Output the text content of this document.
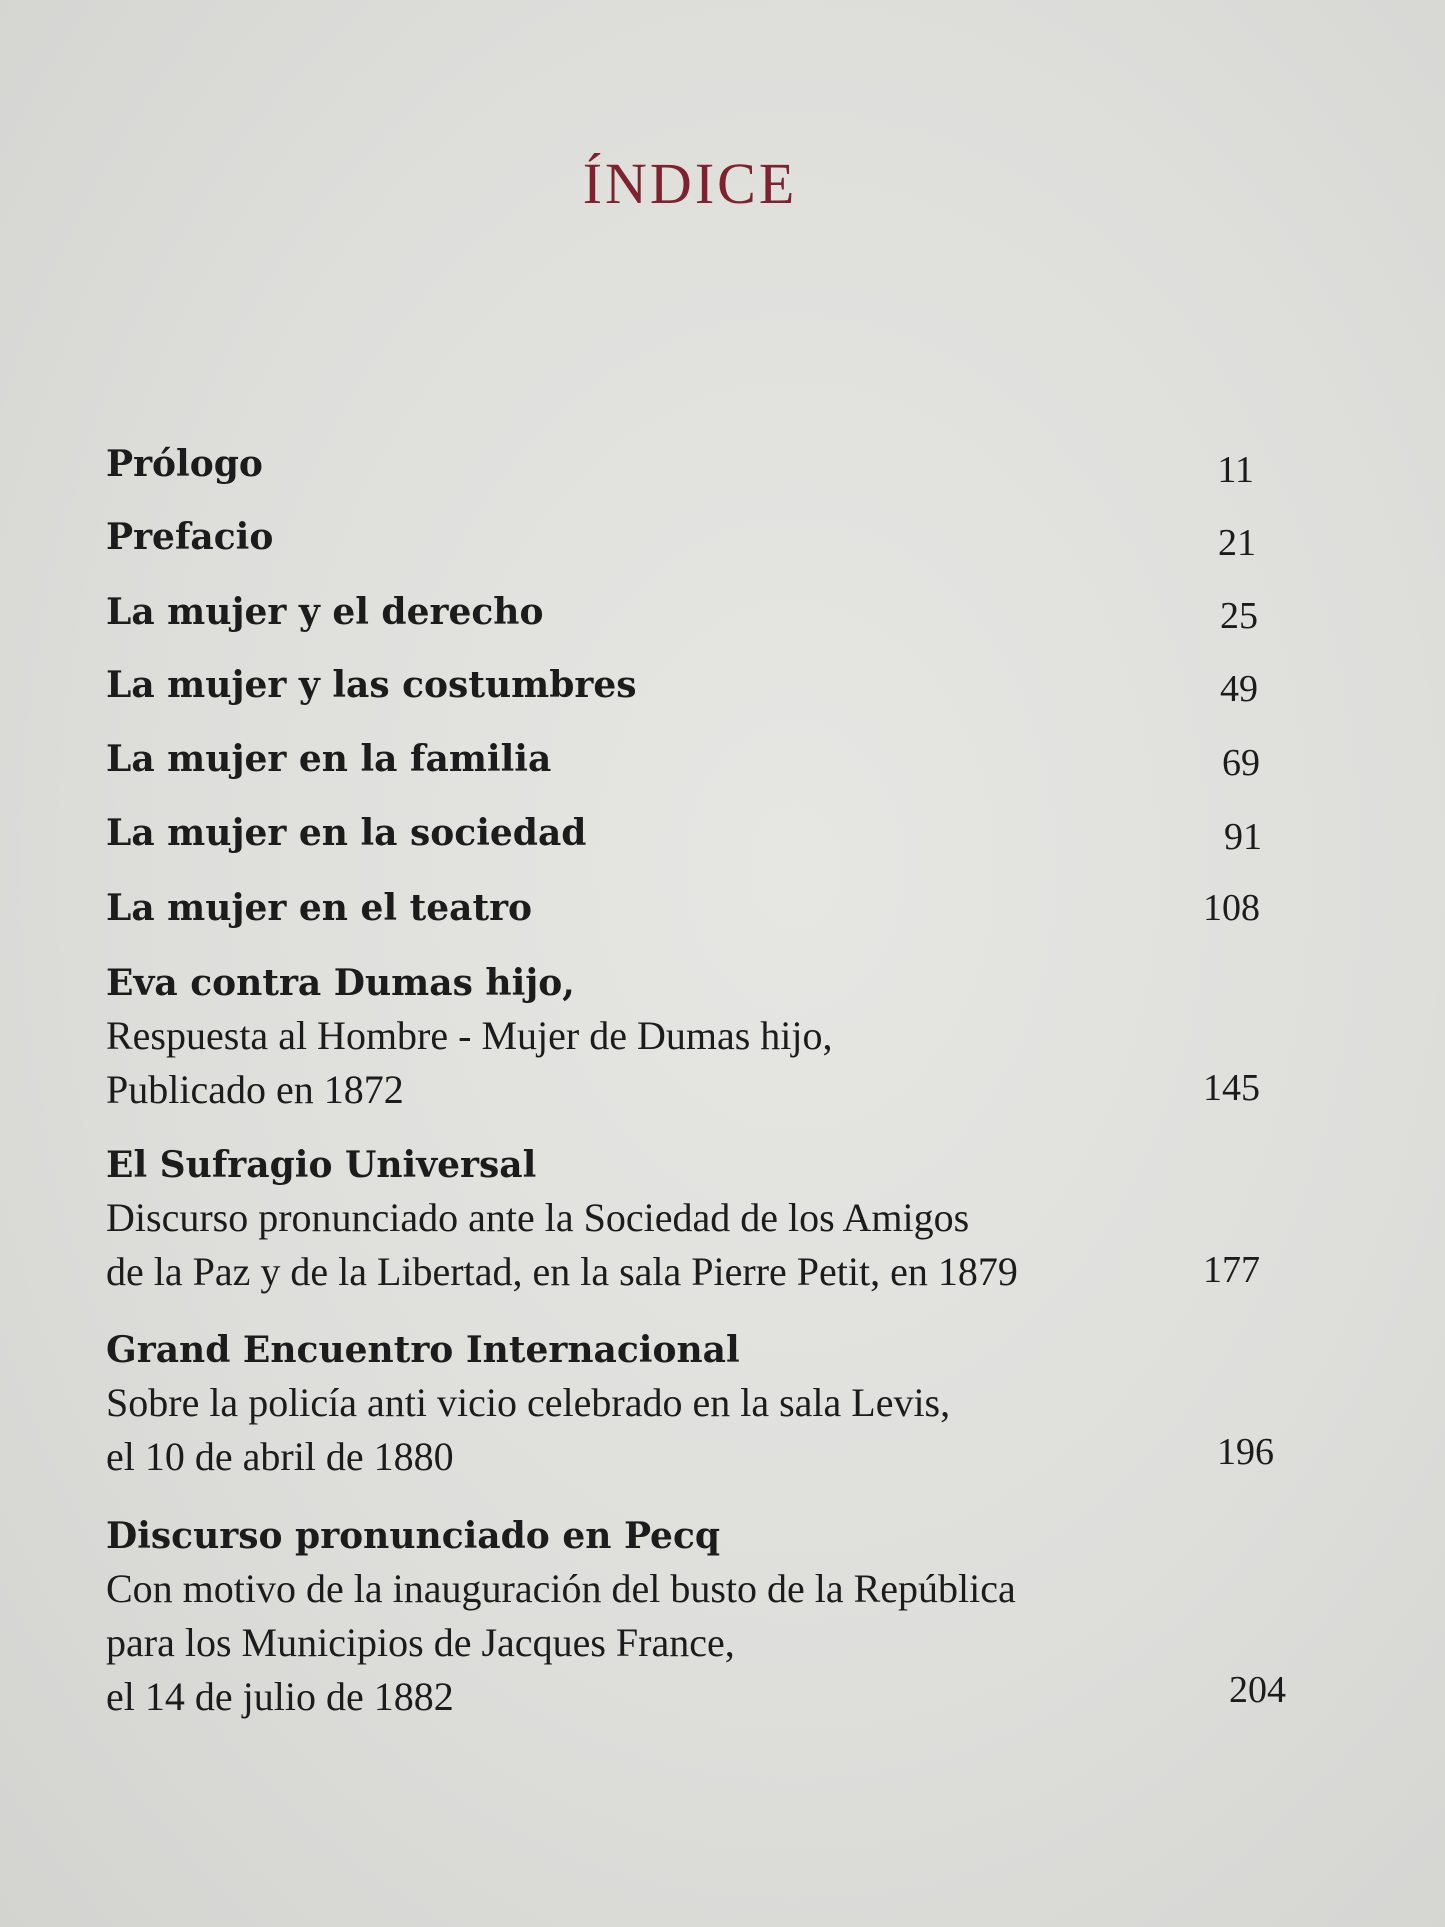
ÍNDICE
Prólogo	11
Prefacio	21
La mujer y el derecho	25
La mujer y las costumbres	49
La mujer en la familia	69
La mujer en la sociedad	91
La mujer en el teatro	108
Eva contra Dumas hijo,
Respuesta al Hombre - Mujer de Dumas hijo,
Publicado en 1872	145
El Sufragio Universal
Discurso pronunciado ante la Sociedad de los Amigos
de la Paz y de la Libertad, en la sala Pierre Petit, en 1879	177
Grand Encuentro Internacional
Sobre la policía anti vicio celebrado en la sala Levis,
el 10 de abril de 1880	196
Discurso pronunciado en Pecq
Con motivo de la inauguración del busto de la República
para los Municipios de Jacques France,
el 14 de julio de 1882	204
